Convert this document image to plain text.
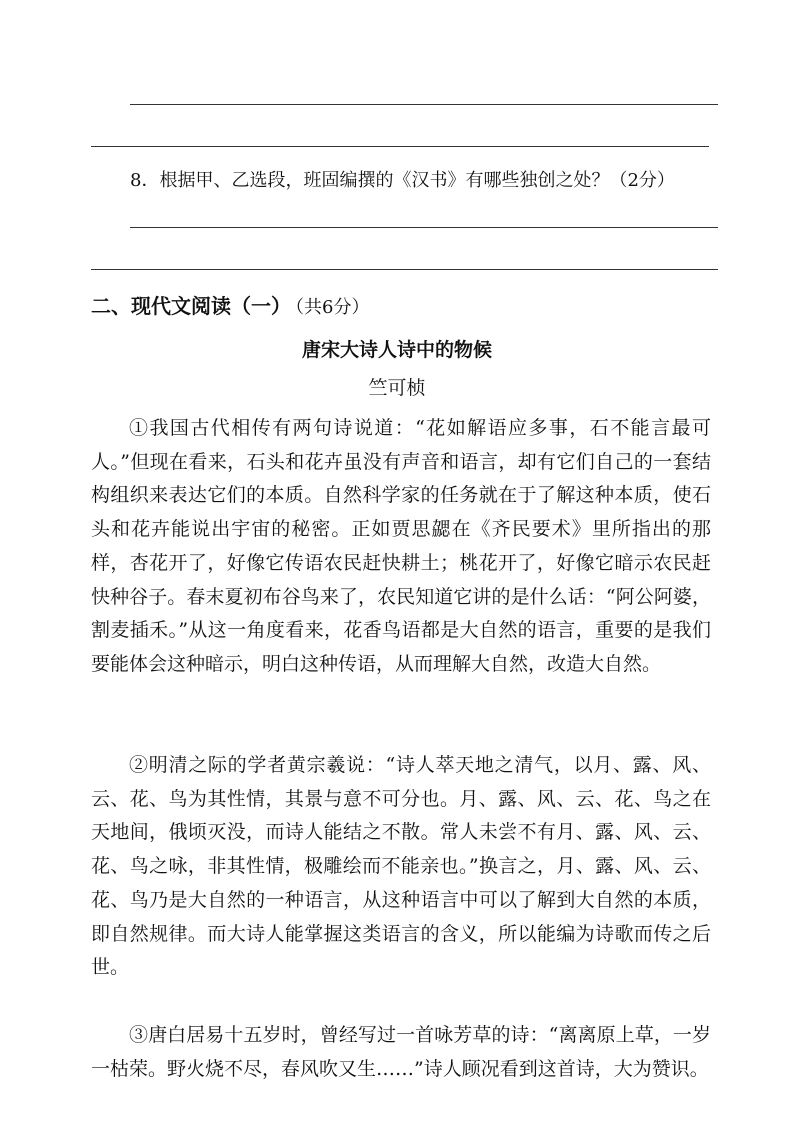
8．根据甲、乙选段，班固编撰的《汉书》有哪些独创之处？（2分）
二、现代文阅读（一） （共6分）
唐宋大诗人诗中的物候
竺可桢
①我国古代相传有两句诗说道：“花如解语应多事，石不能言最可人。”但现在看来，石头和花卉虽没有声音和语言，却有它们自己的一套结构组织来表达它们的本质。自然科学家的任务就在于了解这种本质，使石头和花卉能说出宇宙的秘密。正如贾思勰在《齐民要术》里所指出的那样，杏花开了，好像它传语农民赶快耕土；桃花开了，好像它暗示农民赶快种谷子。春末夏初布谷鸟来了，农民知道它讲的是什么话：“阿公阿婆，割麦插禾。”从这一角度看来，花香鸟语都是大自然的语言，重要的是我们要能体会这种暗示，明白这种传语，从而理解大自然，改造大自然。
②明清之际的学者黄宗羲说：“诗人萃天地之清气，以月、露、风、云、花、鸟为其性情，其景与意不可分也。月、露、风、云、花、鸟之在天地间，俄顷灭没，而诗人能结之不散。常人未尝不有月、露、风、云、花、鸟之咏，非其性情，极雕绘而不能亲也。”换言之，月、露、风、云、花、鸟乃是大自然的一种语言，从这种语言中可以了解到大自然的本质，即自然规律。而大诗人能掌握这类语言的含义，所以能编为诗歌而传之后世。
③唐白居易十五岁时，曾经写过一首咏芳草的诗：“离离原上草，一岁一枯荣。野火烧不尽，春风吹又生……”诗人顾况看到这首诗，大为赞识。
